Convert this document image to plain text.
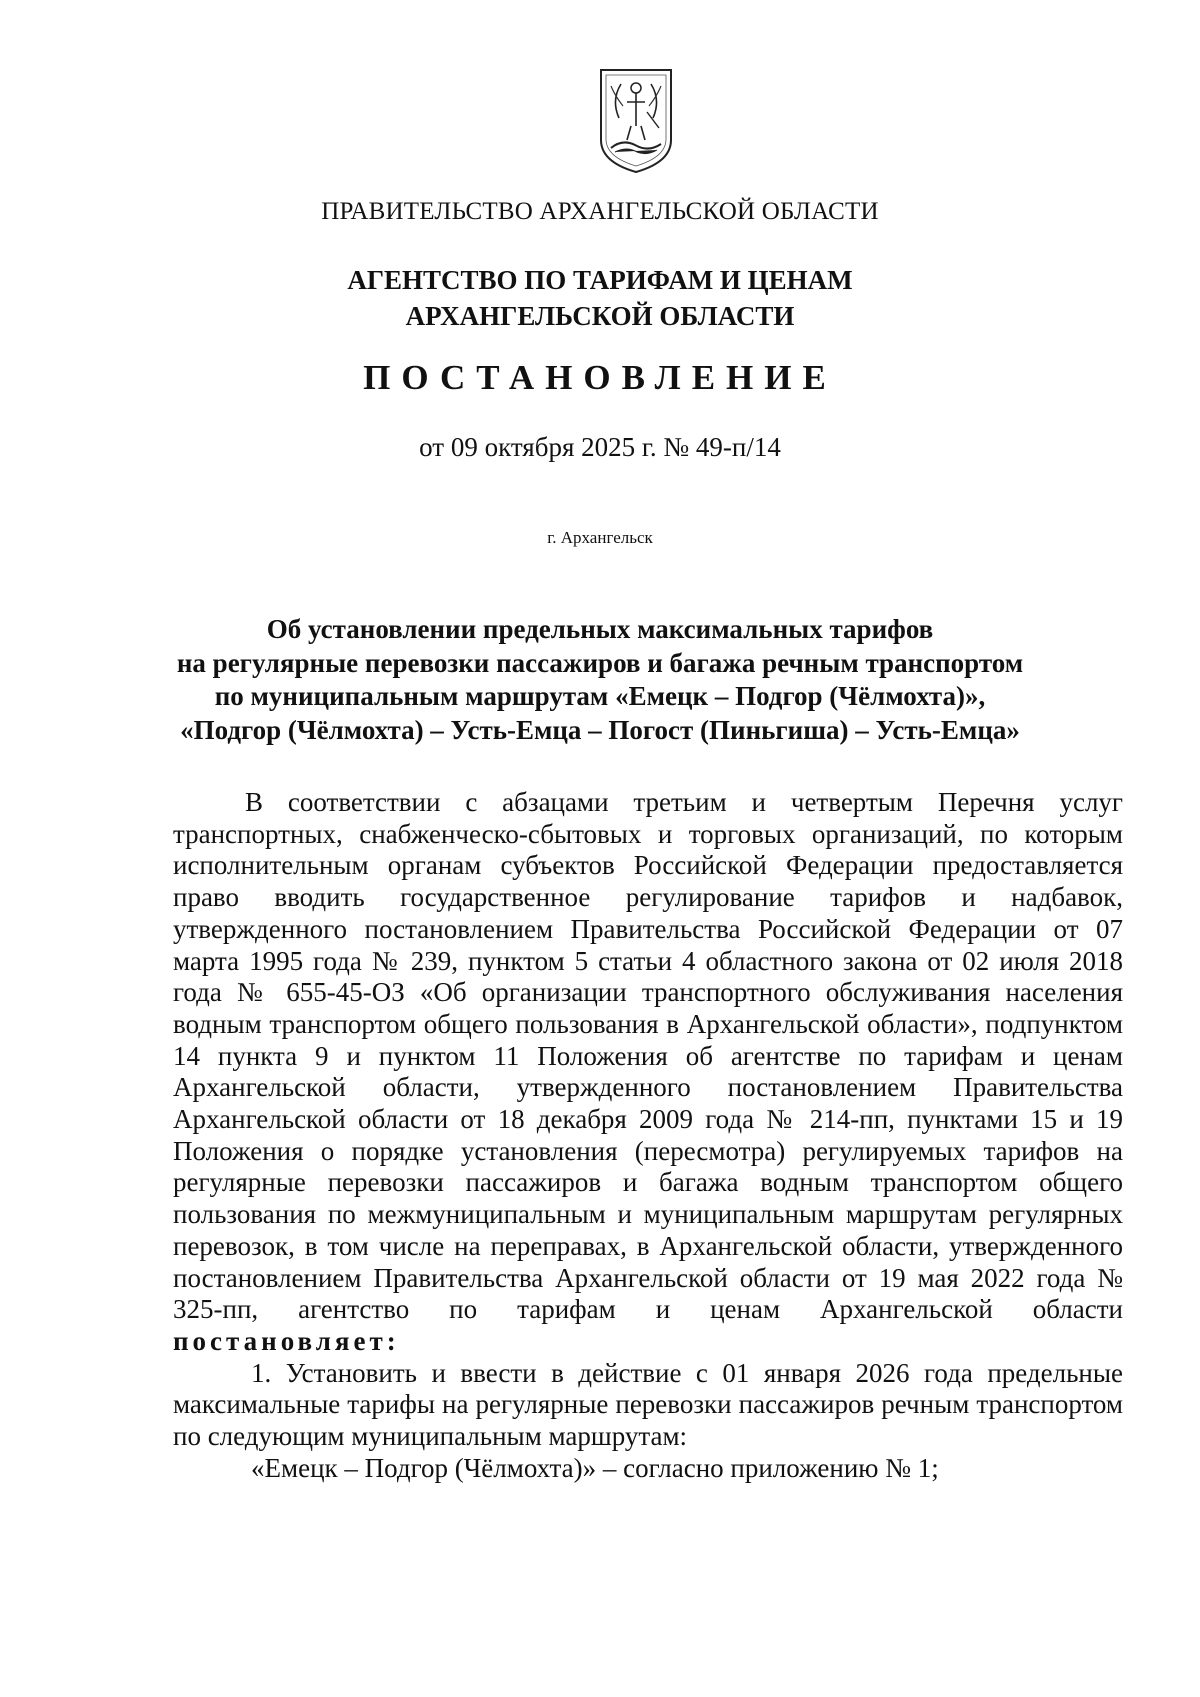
ПРАВИТЕЛЬСТВО АРХАНГЕЛЬСКОЙ ОБЛАСТИ
АГЕНТСТВО ПО ТАРИФАМ И ЦЕНАМ
АРХАНГЕЛЬСКОЙ ОБЛАСТИ
ПОСТАНОВЛЕНИЕ
от 09 октября 2025 г. № 49-п/14
г. Архангельск
Об установлении предельных максимальных тарифов
на регулярные перевозки пассажиров и багажа речным транспортом
по муниципальным маршрутам «Емецк – Подгор (Чёлмохта)»,
«Подгор (Чёлмохта) – Усть-Емца – Погост (Пиньгиша) – Усть-Емца»

В соответствии с абзацами третьим и четвертым Перечня услуг транспортных, снабженческо-сбытовых и торговых организаций, по которым исполнительным органам субъектов Российской Федерации предоставляется право вводить государственное регулирование тарифов и надбавок, утвержденного постановлением Правительства Российской Федерации от 07 марта 1995 года № 239, пунктом 5 статьи 4 областного закона от 02 июля 2018 года № 655-45-ОЗ «Об организации транспортного обслуживания населения водным транспортом общего пользования в Архангельской области», подпунктом 14 пункта 9 и пунктом 11 Положения об агентстве по тарифам и ценам Архангельской области, утвержденного постановлением Правительства Архангельской области от 18 декабря 2009 года № 214-пп, пунктами 15 и 19 Положения о порядке установления (пересмотра) регулируемых тарифов на регулярные перевозки пассажиров и багажа водным транспортом общего пользования по межмуниципальным и муниципальным маршрутам регулярных перевозок, в том числе на переправах, в Архангельской области, утвержденного постановлением Правительства Архангельской области от 19 мая 2022 года № 325-пп, агентство по тарифам и ценам Архангельской области постановляет:

1. Установить и ввести в действие с 01 января 2026 года предельные максимальные тарифы на регулярные перевозки пассажиров речным транспортом по следующим муниципальным маршрутам:

«Емецк – Подгор (Чёлмохта)» – согласно приложению № 1;
